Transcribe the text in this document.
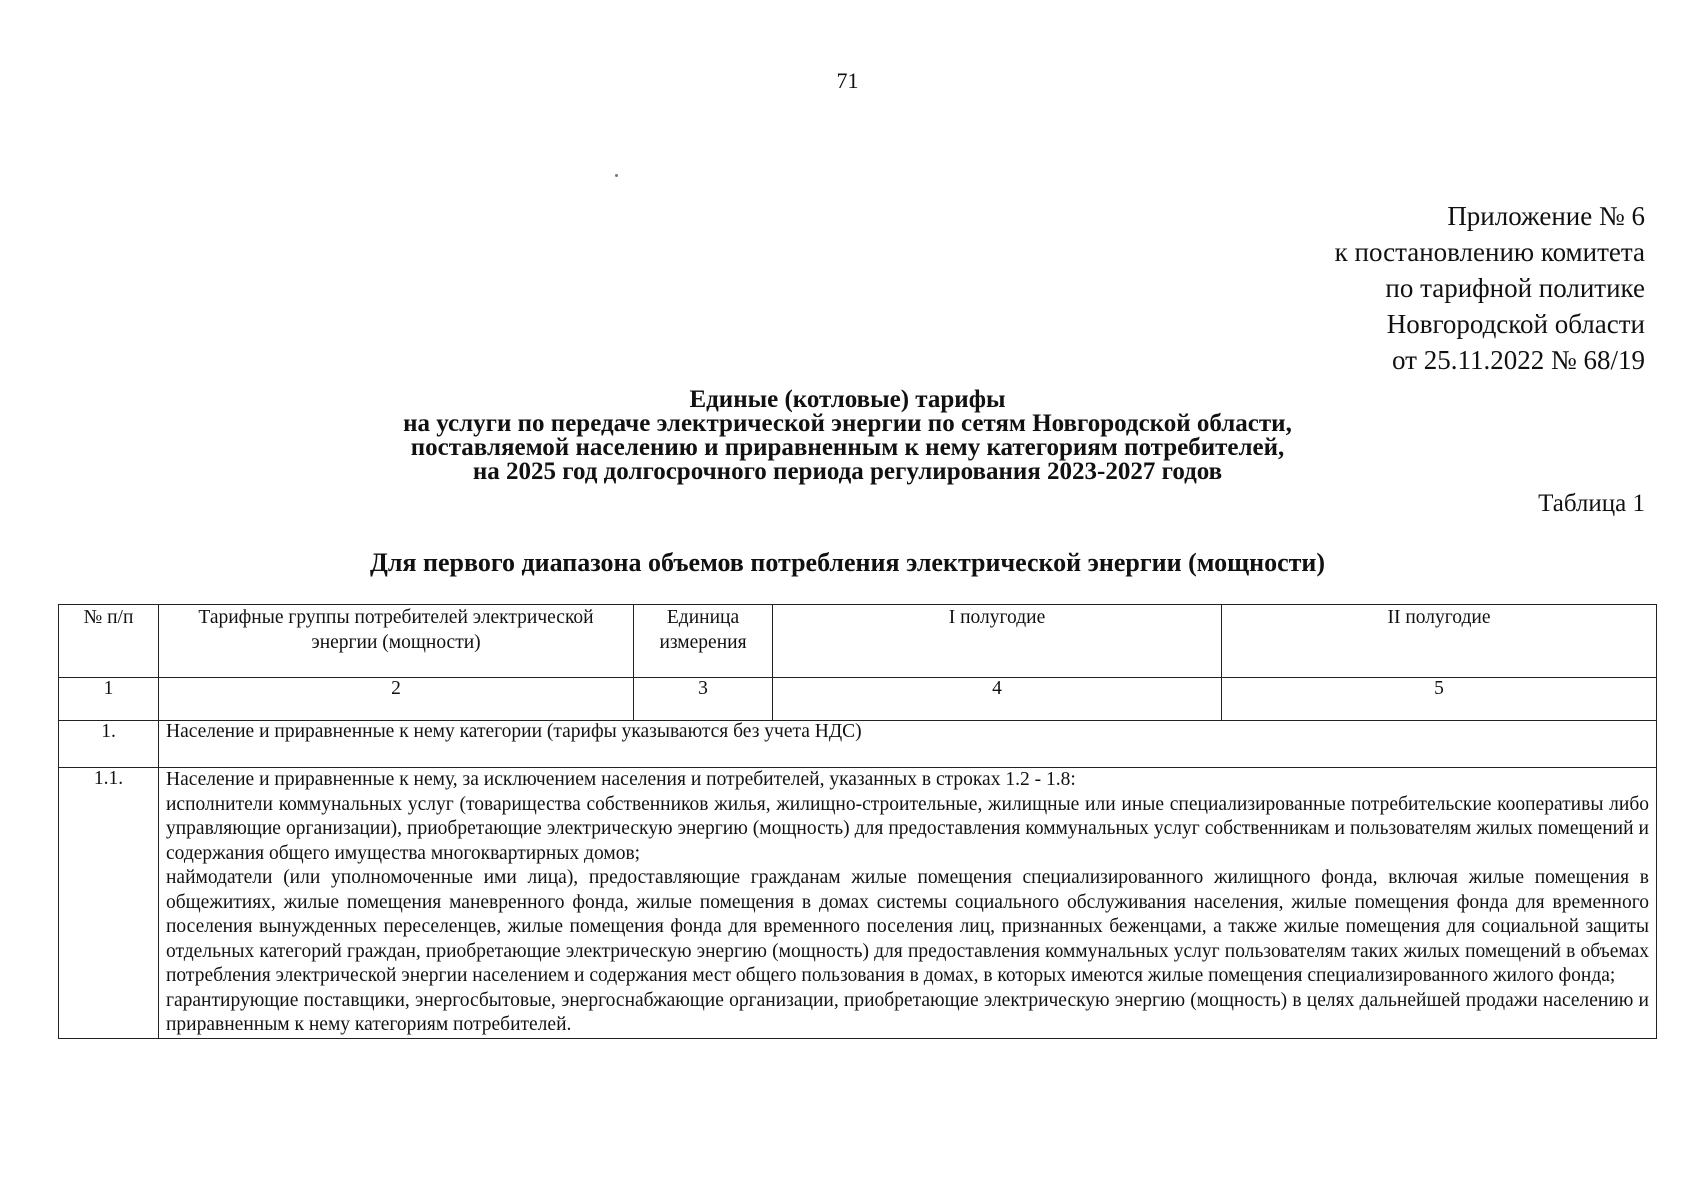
71
Приложение № 6
к постановлению комитета
по тарифной политике
Новгородской области
от 25.11.2022 № 68/19
Единые (котловые) тарифы
на услуги по передаче электрической энергии по сетям Новгородской области,
поставляемой населению и приравненным к нему категориям потребителей,
на 2025 год долгосрочного периода регулирования 2023-2027 годов
Таблица 1
Для первого диапазона объемов потребления электрической энергии (мощности)
№ п/п	Тарифные группы потребителей электрической энергии (мощности)	Единица измерения	I полугодие	II полугодие
1	2	3	4	5
1.	Население и приравненные к нему категории (тарифы указываются без учета НДС)			
1.1.	Население и приравненные к нему, за исключением населения и потребителей, указанных в строках 1.2 - 1.8:

исполнители коммунальных услуг (товарищества собственников жилья, жилищно-строительные, жилищные или иные специализированные потребительские кооперативы либо управляющие организации), приобретающие электрическую энергию (мощность) для предоставления коммунальных услуг собственникам и пользователям жилых помещений и содержания общего имущества многоквартирных домов;

наймодатели (или уполномоченные ими лица), предоставляющие гражданам жилые помещения специализированного жилищного фонда, включая жилые помещения в общежитиях, жилые помещения маневренного фонда, жилые помещения в домах системы социального обслуживания населения, жилые помещения фонда для временного поселения вынужденных переселенцев, жилые помещения фонда для временного поселения лиц, признанных беженцами, а также жилые помещения для социальной защиты отдельных категорий граждан, приобретающие электрическую энергию (мощность) для предоставления коммунальных услуг пользователям таких жилых помещений в объемах потребления электрической энергии населением и содержания мест общего пользования в домах, в которых имеются жилые помещения специализированного жилого фонда;

гарантирующие поставщики, энергосбытовые, энергоснабжающие организации, приобретающие электрическую энергию (мощность) в целях дальнейшей продажи населению и приравненным к нему категориям потребителей.			
